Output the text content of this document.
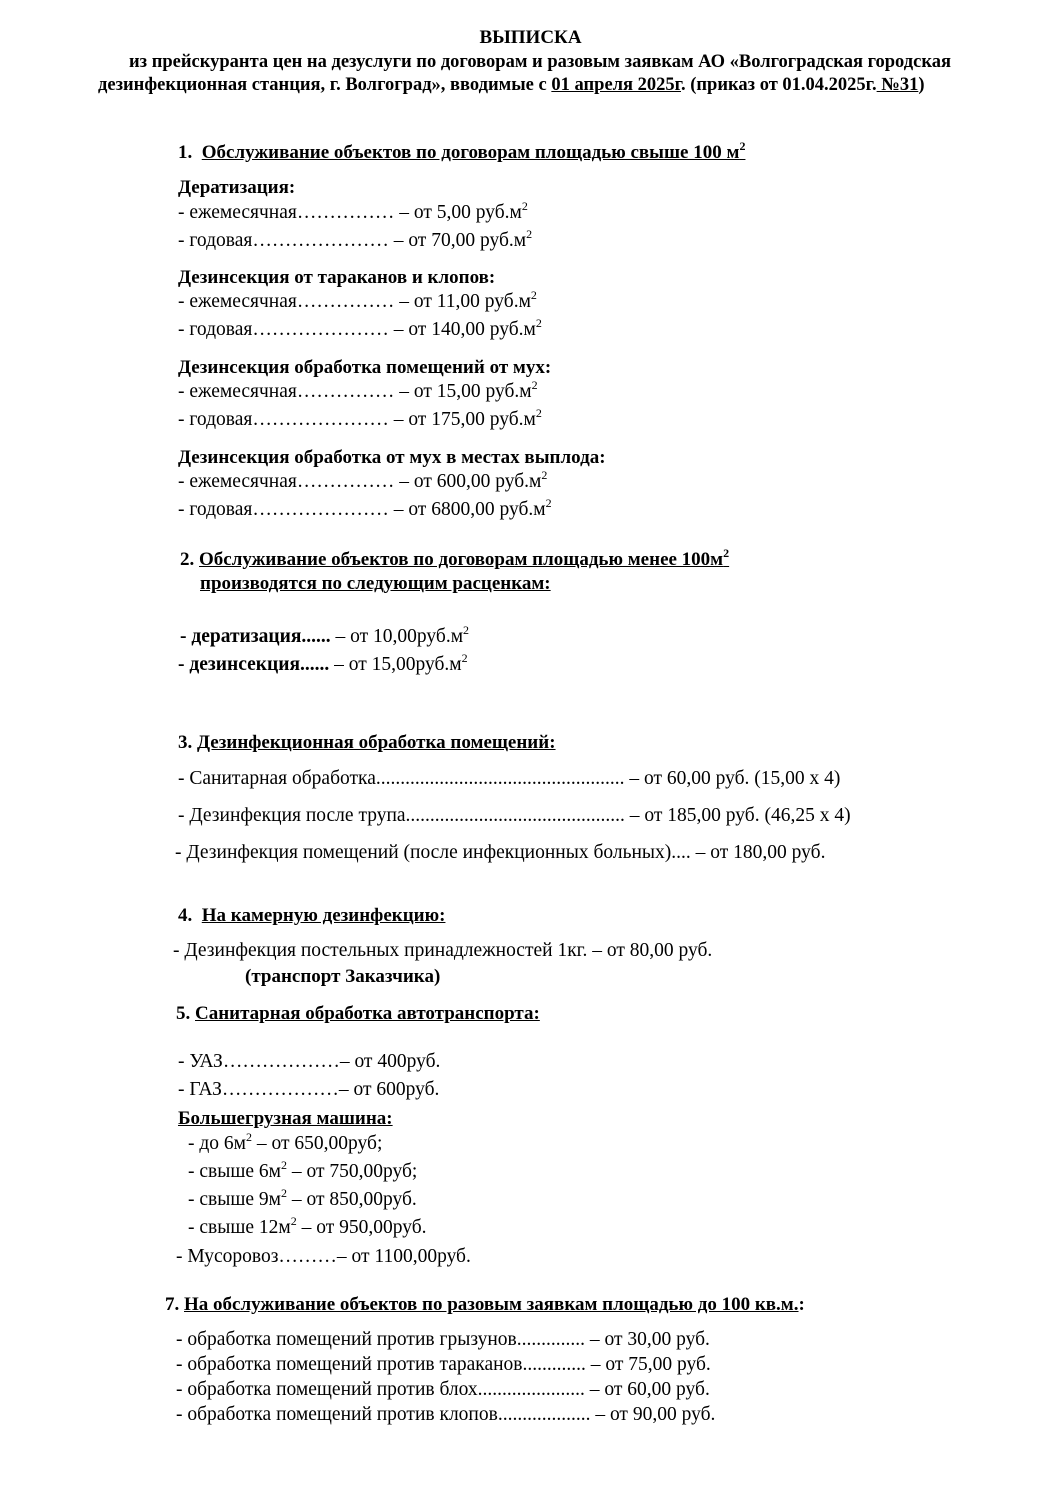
ВЫПИСКА
из прейскуранта цен на дезуслуги по договорам и разовым заявкам АО «Волгоградская городская
дезинфекционная станция, г. Волгоград», вводимые с 01 апреля 2025г. (приказ от 01.04.2025г. №31)
1. Обслуживание объектов по договорам площадью свыше 100 $м^2$
Дератизация:
- ежемесячная…………… – от 5,00 $руб.м^2$
- годовая………………… – от 70,00 $руб.м^2$
Дезинсекция от тараканов и клопов:
- ежемесячная…………… – от 11,00 $руб.м^2$
- годовая………………… – от 140,00 $руб.м^2$
Дезинсекция обработка помещений от мух:
- ежемесячная…………… – от 15,00 $руб.м^2$
- годовая………………… – от 175,00 $руб.м^2$
Дезинсекция обработка от мух в местах выплода:
- ежемесячная…………… – от 600,00 $руб.м^2$
- годовая………………… – от 6800,00 $руб.м^2$
2. Обслуживание объектов по договорам площадью менее $100м^2$
производятся по следующим расценкам:
- дератизация...... – от $10,00руб.м^2$
- дезинсекция...... – от $15,00руб.м^2$
3. Дезинфекционная обработка помещений:
- Санитарная обработка................................................... – от 60,00 руб. (15,00 х 4)
- Дезинфекция после трупа............................................. – от 185,00 руб. (46,25 х 4)
- Дезинфекция помещений (после инфекционных больных).... – от 180,00 руб.
4. На камерную дезинфекцию:
- Дезинфекция постельных принадлежностей 1кг. – от 80,00 руб.
(транспорт Заказчика)
5. Санитарная обработка автотранспорта:
- УАЗ………………– от 400руб.
- ГАЗ………………– от 600руб.
Большегрузная машина:
- до $6м^2$ – от 650,00руб;
- свыше $6м^2$ – от 750,00руб;
- свыше $9м^2$ – от 850,00руб.
- свыше $12м^2$ – от 950,00руб.
- Мусоровоз………– от 1100,00руб.
7. На обслуживание объектов по разовым заявкам площадью до 100 кв.м.:
- обработка помещений против грызунов.............. – от 30,00 руб.
- обработка помещений против тараканов............. – от 75,00 руб.
- обработка помещений против блох...................... – от 60,00 руб.
- обработка помещений против клопов................... – от 90,00 руб.
